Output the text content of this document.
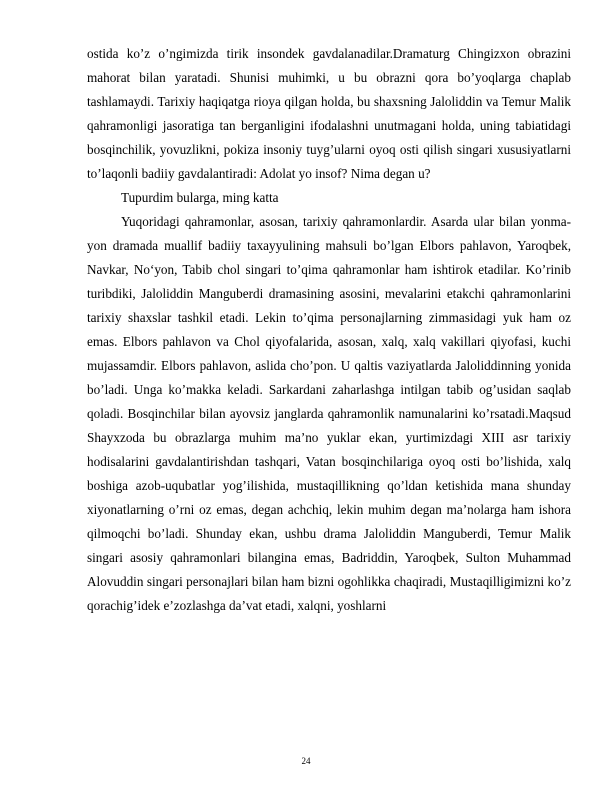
ostida ko’z o’ngimizda tirik insondek gavdalanadilar.Dramaturg Chingizxon obrazini mahorat bilan yaratadi. Shunisi muhimki, u bu obrazni qora bo’yoqlarga chaplab tashlamaydi. Tarixiy haqiqatga rioya qilgan holda, bu shaxsning Jaloliddin va Temur Malik qahramonligi jasoratiga tan berganligini ifodalashni unutmagani holda, uning tabiatidagi bosqinchilik, yovuzlikni, pokiza insoniy tuyg’ularni oyoq osti qilish singari xususiyatlarni to’laqonli badiiy gavdalantiradi: Adolat yo insof? Nima degan u?

Tupurdim bularga, ming katta

Yuqoridagi qahramonlar, asosan, tarixiy qahramonlardir. Asarda ular bilan yonma-yon dramada muallif badiiy taxayyulining mahsuli bo’lgan Elbors pahlavon, Yaroqbek, Navkar, No‘yon, Tabib chol singari to’qima qahramonlar ham ishtirok etadilar. Ko’rinib turibdiki, Jaloliddin Manguberdi dramasining asosini, mevalarini etakchi qahramonlarini tarixiy shaxslar tashkil etadi. Lekin to’qima personajlarning zimmasidagi yuk ham oz emas. Elbors pahlavon va Chol qiyofalarida, asosan, xalq, xalq vakillari qiyofasi, kuchi mujassamdir. Elbors pahlavon, aslida cho’pon. U qaltis vaziyatlarda Jaloliddinning yonida bo’ladi. Unga ko’makka keladi. Sarkardani zaharlashga intilgan tabib og’usidan saqlab qoladi. Bosqinchilar bilan ayovsiz janglarda qahramonlik namunalarini ko’rsatadi.Maqsud Shayxzoda bu obrazlarga muhim ma’no yuklar ekan, yurtimizdagi XIII asr tarixiy hodisalarini gavdalantirishdan tashqari, Vatan bosqinchilariga oyoq osti bo’lishida, xalq boshiga azob-uqubatlar yog’ilishida, mustaqillikning qo’ldan ketishida mana shunday xiyonatlarning o’rni oz emas, degan achchiq, lekin muhim degan ma’nolarga ham ishora qilmoqchi bo’ladi. Shunday ekan, ushbu drama Jaloliddin Manguberdi, Temur Malik singari asosiy qahramonlari bilangina emas, Badriddin, Yaroqbek, Sulton Muhammad Alovuddin singari personajlari bilan ham bizni ogohlikka chaqiradi, Mustaqilligimizni ko’z qorachig’idek e’zozlashga da’vat etadi, xalqni, yoshlarni

24
